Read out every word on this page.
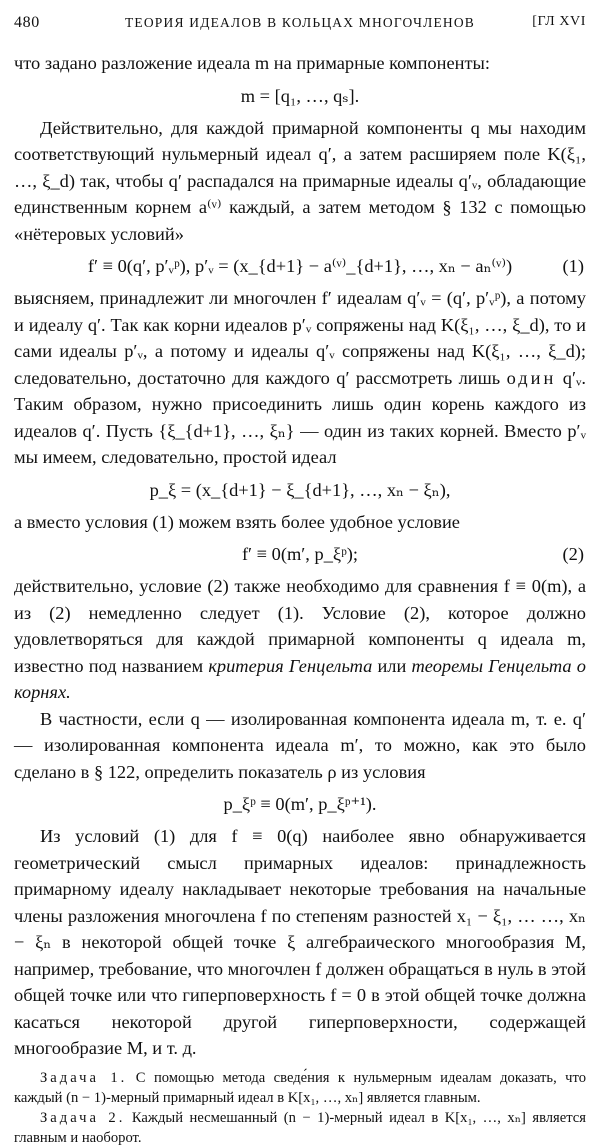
480	ТЕОРИЯ ИДЕАЛОВ В КОЛЬЦАХ МНОГОЧЛЕНОВ	[ГЛ XVI

что задано разложение идеала m на примарные компоненты:

m = [q₁, …, qₛ].

Действительно, для каждой примарной компоненты q мы находим соответствующий нульмерный идеал q′, а затем расширяем поле K(ξ₁, …, ξ_d) так, чтобы q′ распадался на примарные идеалы q′ᵥ, обладающие единственным корнем a⁽ᵛ⁾ каждый, а затем методом § 132 с помощью «нётеровых условий»

f′ ≡ 0(q′, p′ᵥᵖ), p′ᵥ = (x_{d+1} − a⁽ᵛ⁾_{d+1}, …, xₙ − aₙ⁽ᵛ⁾)	(1)

выясняем, принадлежит ли многочлен f′ идеалам q′ᵥ = (q′, p′ᵥᵖ), а потому и идеалу q′. Так как корни идеалов p′ᵥ сопряжены над K(ξ₁, …, ξ_d), то и сами идеалы p′ᵥ, а потому и идеалы q′ᵥ сопряжены над K(ξ₁, …, ξ_d); следовательно, достаточно для каждого q′ рассмотреть лишь один q′ᵥ. Таким образом, нужно присоединить лишь один корень каждого из идеалов q′. Пусть {ξ_{d+1}, …, ξₙ} — один из таких корней. Вместо p′ᵥ мы имеем, следовательно, простой идеал

p_ξ = (x_{d+1} − ξ_{d+1}, …, xₙ − ξₙ),

а вместо условия (1) можем взять более удобное условие

f′ ≡ 0(m′, p_ξᵖ);	(2)

действительно, условие (2) также необходимо для сравнения f ≡ 0(m), а из (2) немедленно следует (1). Условие (2), которое должно удовлетворяться для каждой примарной компоненты q идеала m, известно под названием критерия Генцельта или теоремы Генцельта о корнях.

В частности, если q — изолированная компонента идеала m, т. е. q′ — изолированная компонента идеала m′, то можно, как это было сделано в § 122, определить показатель ρ из условия

p_ξᵖ ≡ 0(m′, p_ξᵖ⁺¹).

Из условий (1) для f ≡ 0(q) наиболее явно обнаруживается геометрический смысл примарных идеалов: принадлежность примарному идеалу накладывает некоторые требования на начальные члены разложения многочлена f по степеням разностей x₁ − ξ₁, … …, xₙ − ξₙ в некоторой общей точке ξ алгебраического многообразия M, например, требование, что многочлен f должен обращаться в нуль в этой общей точке или что гиперповерхность f = 0 в этой общей точке должна касаться некоторой другой гиперповерхности, содержащей многообразие M, и т. д.

Задача 1. С помощью метода сведе́ния к нульмерным идеалам доказать, что каждый (n − 1)-мерный примарный идеал в K[x₁, …, xₙ] является главным.

Задача 2. Каждый несмешанный (n − 1)-мерный идеал в K[x₁, …, xₙ] является главным и наоборот.
